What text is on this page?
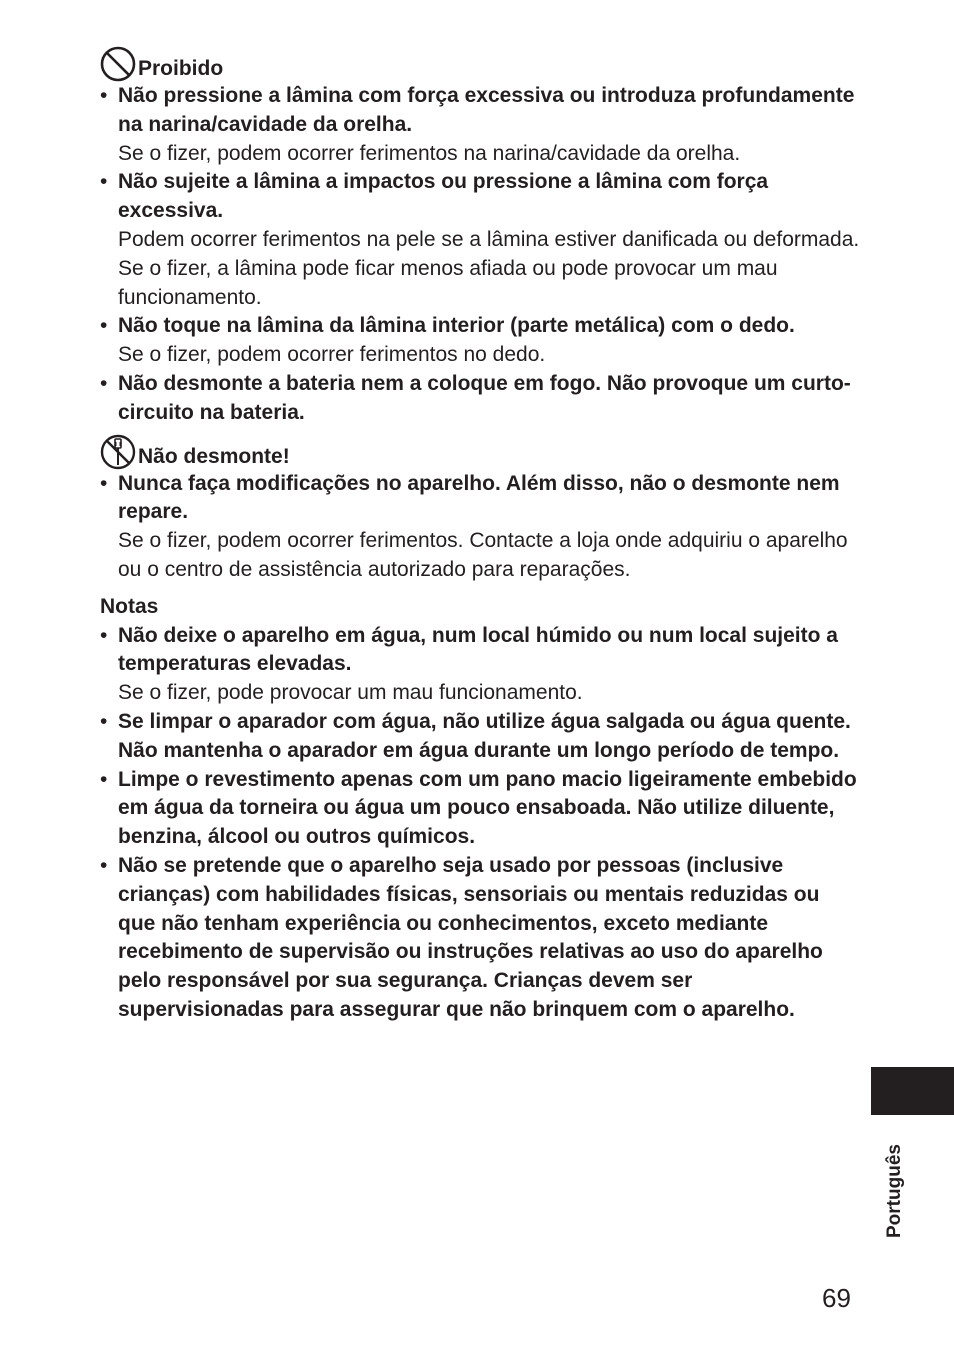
Proibido
• Não pressione a lâmina com força excessiva ou introduza profundamente na narina/cavidade da orelha.
Se o fizer, podem ocorrer ferimentos na narina/cavidade da orelha.
• Não sujeite a lâmina a impactos ou pressione a lâmina com força excessiva.
Podem ocorrer ferimentos na pele se a lâmina estiver danificada ou deformada.
Se o fizer, a lâmina pode ficar menos afiada ou pode provocar um mau funcionamento.
• Não toque na lâmina da lâmina interior (parte metálica) com o dedo.
Se o fizer, podem ocorrer ferimentos no dedo.
• Não desmonte a bateria nem a coloque em fogo. Não provoque um curto-circuito na bateria.
Não desmonte!
• Nunca faça modificações no aparelho. Além disso, não o desmonte nem repare.
Se o fizer, podem ocorrer ferimentos. Contacte a loja onde adquiriu o aparelho ou o centro de assistência autorizado para reparações.
Notas
• Não deixe o aparelho em água, num local húmido ou num local sujeito a temperaturas elevadas.
Se o fizer, pode provocar um mau funcionamento.
• Se limpar o aparador com água, não utilize água salgada ou água quente. Não mantenha o aparador em água durante um longo período de tempo.
• Limpe o revestimento apenas com um pano macio ligeiramente embebido em água da torneira ou água um pouco ensaboada. Não utilize diluente, benzina, álcool ou outros químicos.
• Não se pretende que o aparelho seja usado por pessoas (inclusive crianças) com habilidades físicas, sensoriais ou mentais reduzidas ou que não tenham experiência ou conhecimentos, exceto mediante recebimento de supervisão ou instruções relativas ao uso do aparelho pelo responsável por sua segurança. Crianças devem ser supervisionadas para assegurar que não brinquem com o aparelho.
Português
69
